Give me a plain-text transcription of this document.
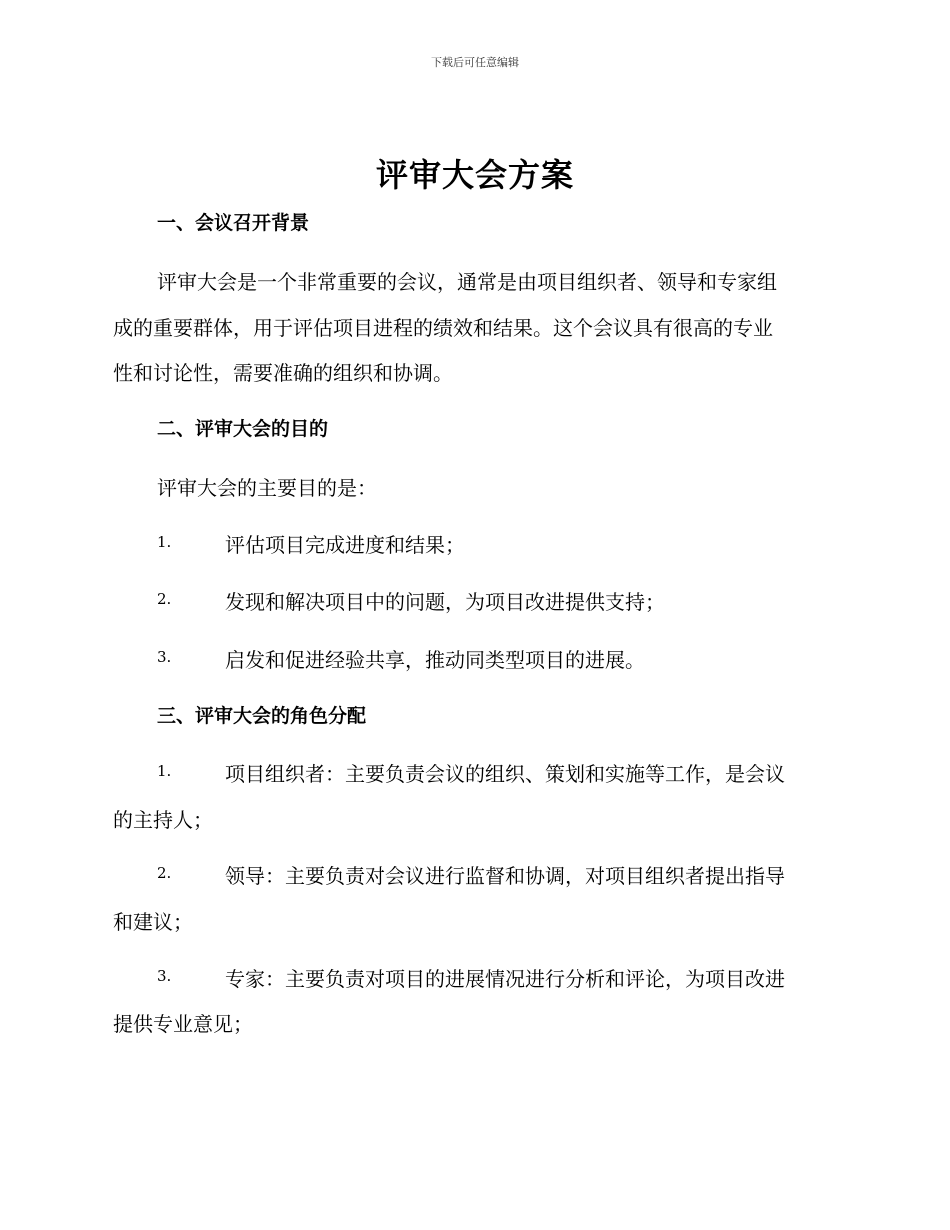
下载后可任意编辑
评审大会方案
一、会议召开背景
评审大会是一个非常重要的会议，通常是由项目组织者、领导和专家组
成的重要群体，用于评估项目进程的绩效和结果。这个会议具有很高的专业
性和讨论性，需要准确的组织和协调。
二、评审大会的目的
评审大会的主要目的是：
1.	评估项目完成进度和结果；
2.	发现和解决项目中的问题，为项目改进提供支持；
3.	启发和促进经验共享，推动同类型项目的进展。
三、评审大会的角色分配
1.	项目组织者：主要负责会议的组织、策划和实施等工作，是会议
的主持人；
2.	领导：主要负责对会议进行监督和协调，对项目组织者提出指导
和建议；
3.	专家：主要负责对项目的进展情况进行分析和评论，为项目改进
提供专业意见；
